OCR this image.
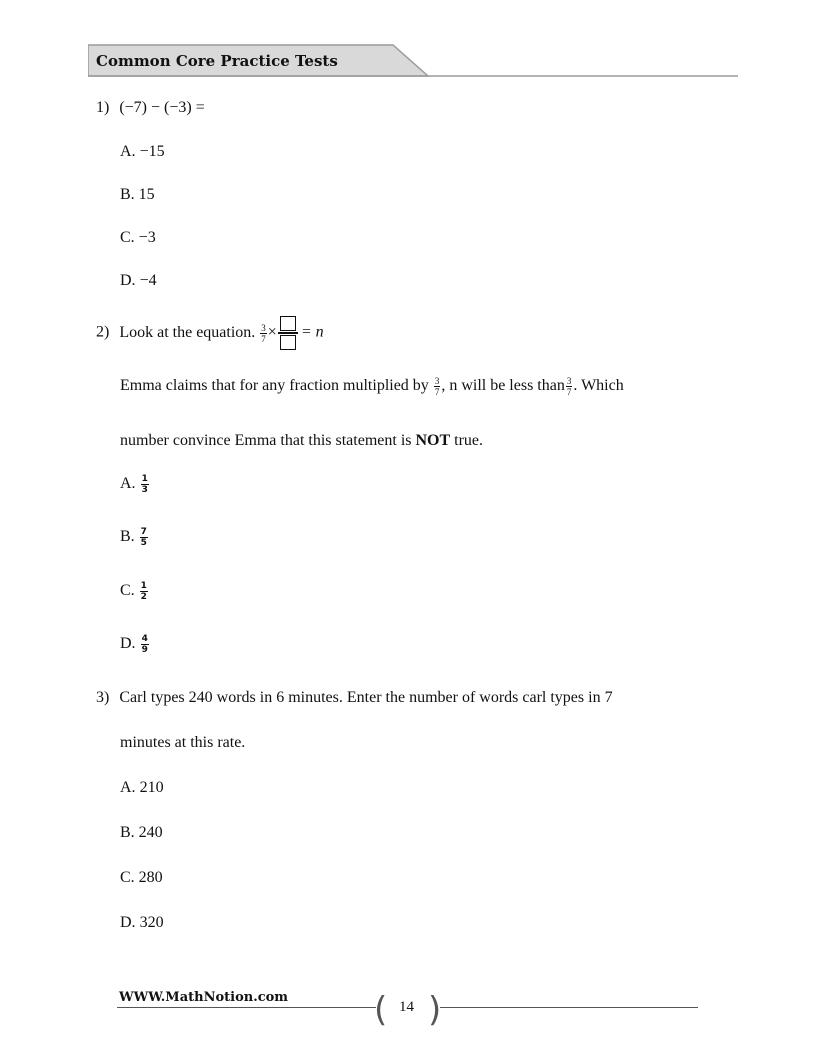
Common Core Practice Tests
1) (−7) − (−3) =
A. −15
B. 15
C. −3
D. −4
2) Look at the equation. $\frac{3}{7}$ × = n
Emma claims that for any fraction multiplied by $\frac{3}{7}$ , n will be less than $\frac{3}{7}$ . Which
number convince Emma that this statement is NOT true.
A. $\frac{1}{3}$
B. $\frac{7}{5}$
C. $\frac{1}{2}$
D. $\frac{4}{9}$
3) Carl types 240 words in 6 minutes. Enter the number of words carl types in 7
minutes at this rate.
A. 210
B. 240
C. 280
D. 320
WWW.MathNotion.com	( )
14
